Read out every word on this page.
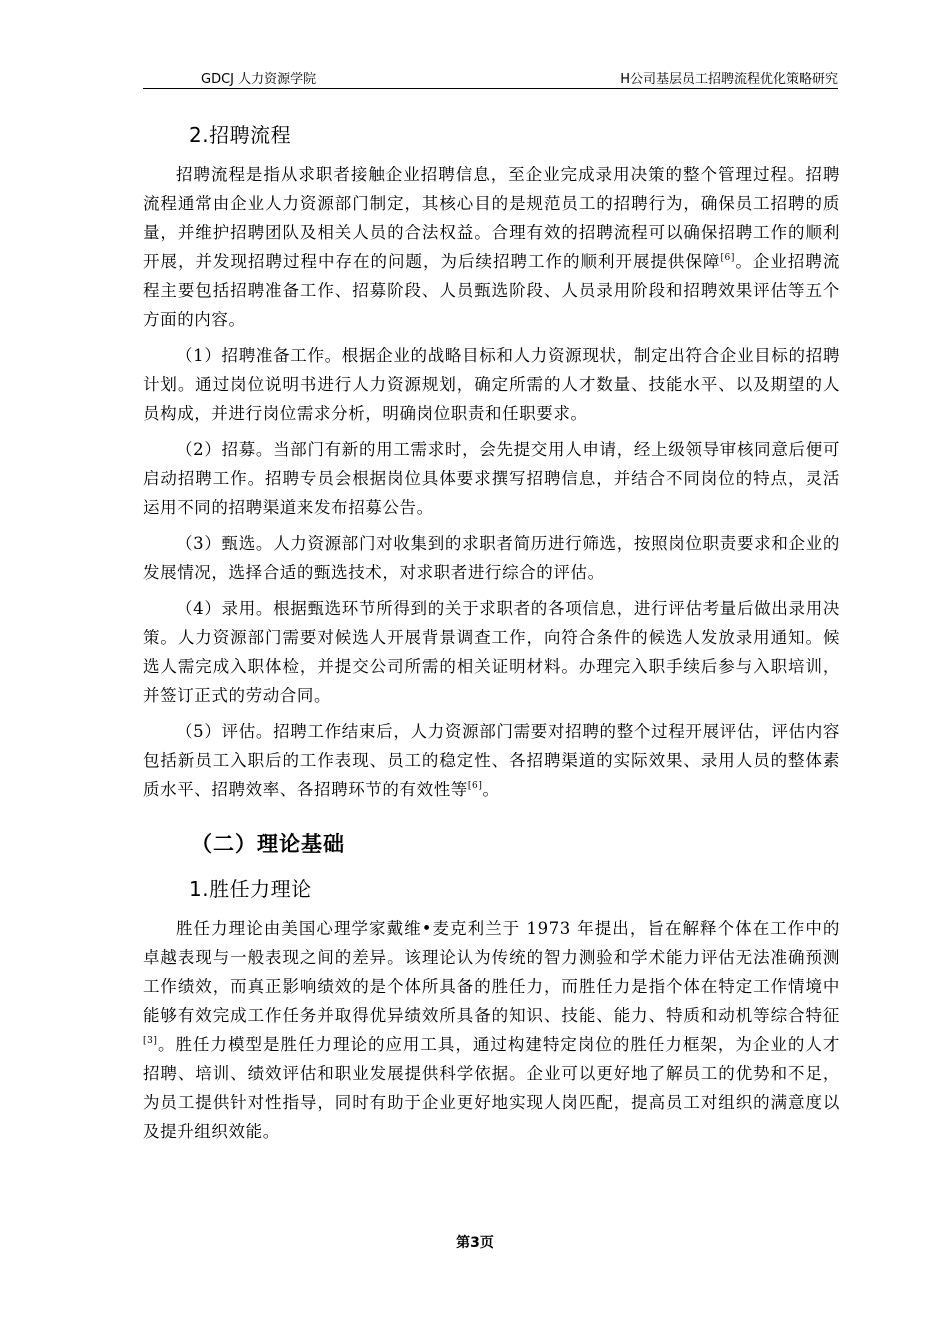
GDCJ 人力资源学院	H公司基层员工招聘流程优化策略研究
2.招聘流程

招聘流程是指从求职者接触企业招聘信息，至企业完成录用决策的整个管理过程。招聘流程通常由企业人力资源部门制定，其核心目的是规范员工的招聘行为，确保员工招聘的质量，并维护招聘团队及相关人员的合法权益。合理有效的招聘流程可以确保招聘工作的顺利开展，并发现招聘过程中存在的问题，为后续招聘工作的顺利开展提供保障[6]。企业招聘流程主要包括招聘准备工作、招募阶段、人员甄选阶段、人员录用阶段和招聘效果评估等五个方面的内容。

（1）招聘准备工作。根据企业的战略目标和人力资源现状，制定出符合企业目标的招聘计划。通过岗位说明书进行人力资源规划，确定所需的人才数量、技能水平、以及期望的人员构成，并进行岗位需求分析，明确岗位职责和任职要求。

（2）招募。当部门有新的用工需求时，会先提交用人申请，经上级领导审核同意后便可启动招聘工作。招聘专员会根据岗位具体要求撰写招聘信息，并结合不同岗位的特点，灵活运用不同的招聘渠道来发布招募公告。

（3）甄选。人力资源部门对收集到的求职者简历进行筛选，按照岗位职责要求和企业的发展情况，选择合适的甄选技术，对求职者进行综合的评估。

（4）录用。根据甄选环节所得到的关于求职者的各项信息，进行评估考量后做出录用决策。人力资源部门需要对候选人开展背景调查工作，向符合条件的候选人发放录用通知。候选人需完成入职体检，并提交公司所需的相关证明材料。办理完入职手续后参与入职培训，并签订正式的劳动合同。

（5）评估。招聘工作结束后，人力资源部门需要对招聘的整个过程开展评估，评估内容包括新员工入职后的工作表现、员工的稳定性、各招聘渠道的实际效果、录用人员的整体素质水平、招聘效率、各招聘环节的有效性等[6]。

（二）理论基础
1.胜任力理论

胜任力理论由美国心理学家戴维•麦克利兰于 1973 年提出，旨在解释个体在工作中的卓越表现与一般表现之间的差异。该理论认为传统的智力测验和学术能力评估无法准确预测工作绩效，而真正影响绩效的是个体所具备的胜任力，而胜任力是指个体在特定工作情境中能够有效完成工作任务并取得优异绩效所具备的知识、技能、能力、特质和动机等综合特征[3]。胜任力模型是胜任力理论的应用工具，通过构建特定岗位的胜任力框架，为企业的人才招聘、培训、绩效评估和职业发展提供科学依据。企业可以更好地了解员工的优势和不足，为员工提供针对性指导，同时有助于企业更好地实现人岗匹配，提高员工对组织的满意度以及提升组织效能。

第3页
